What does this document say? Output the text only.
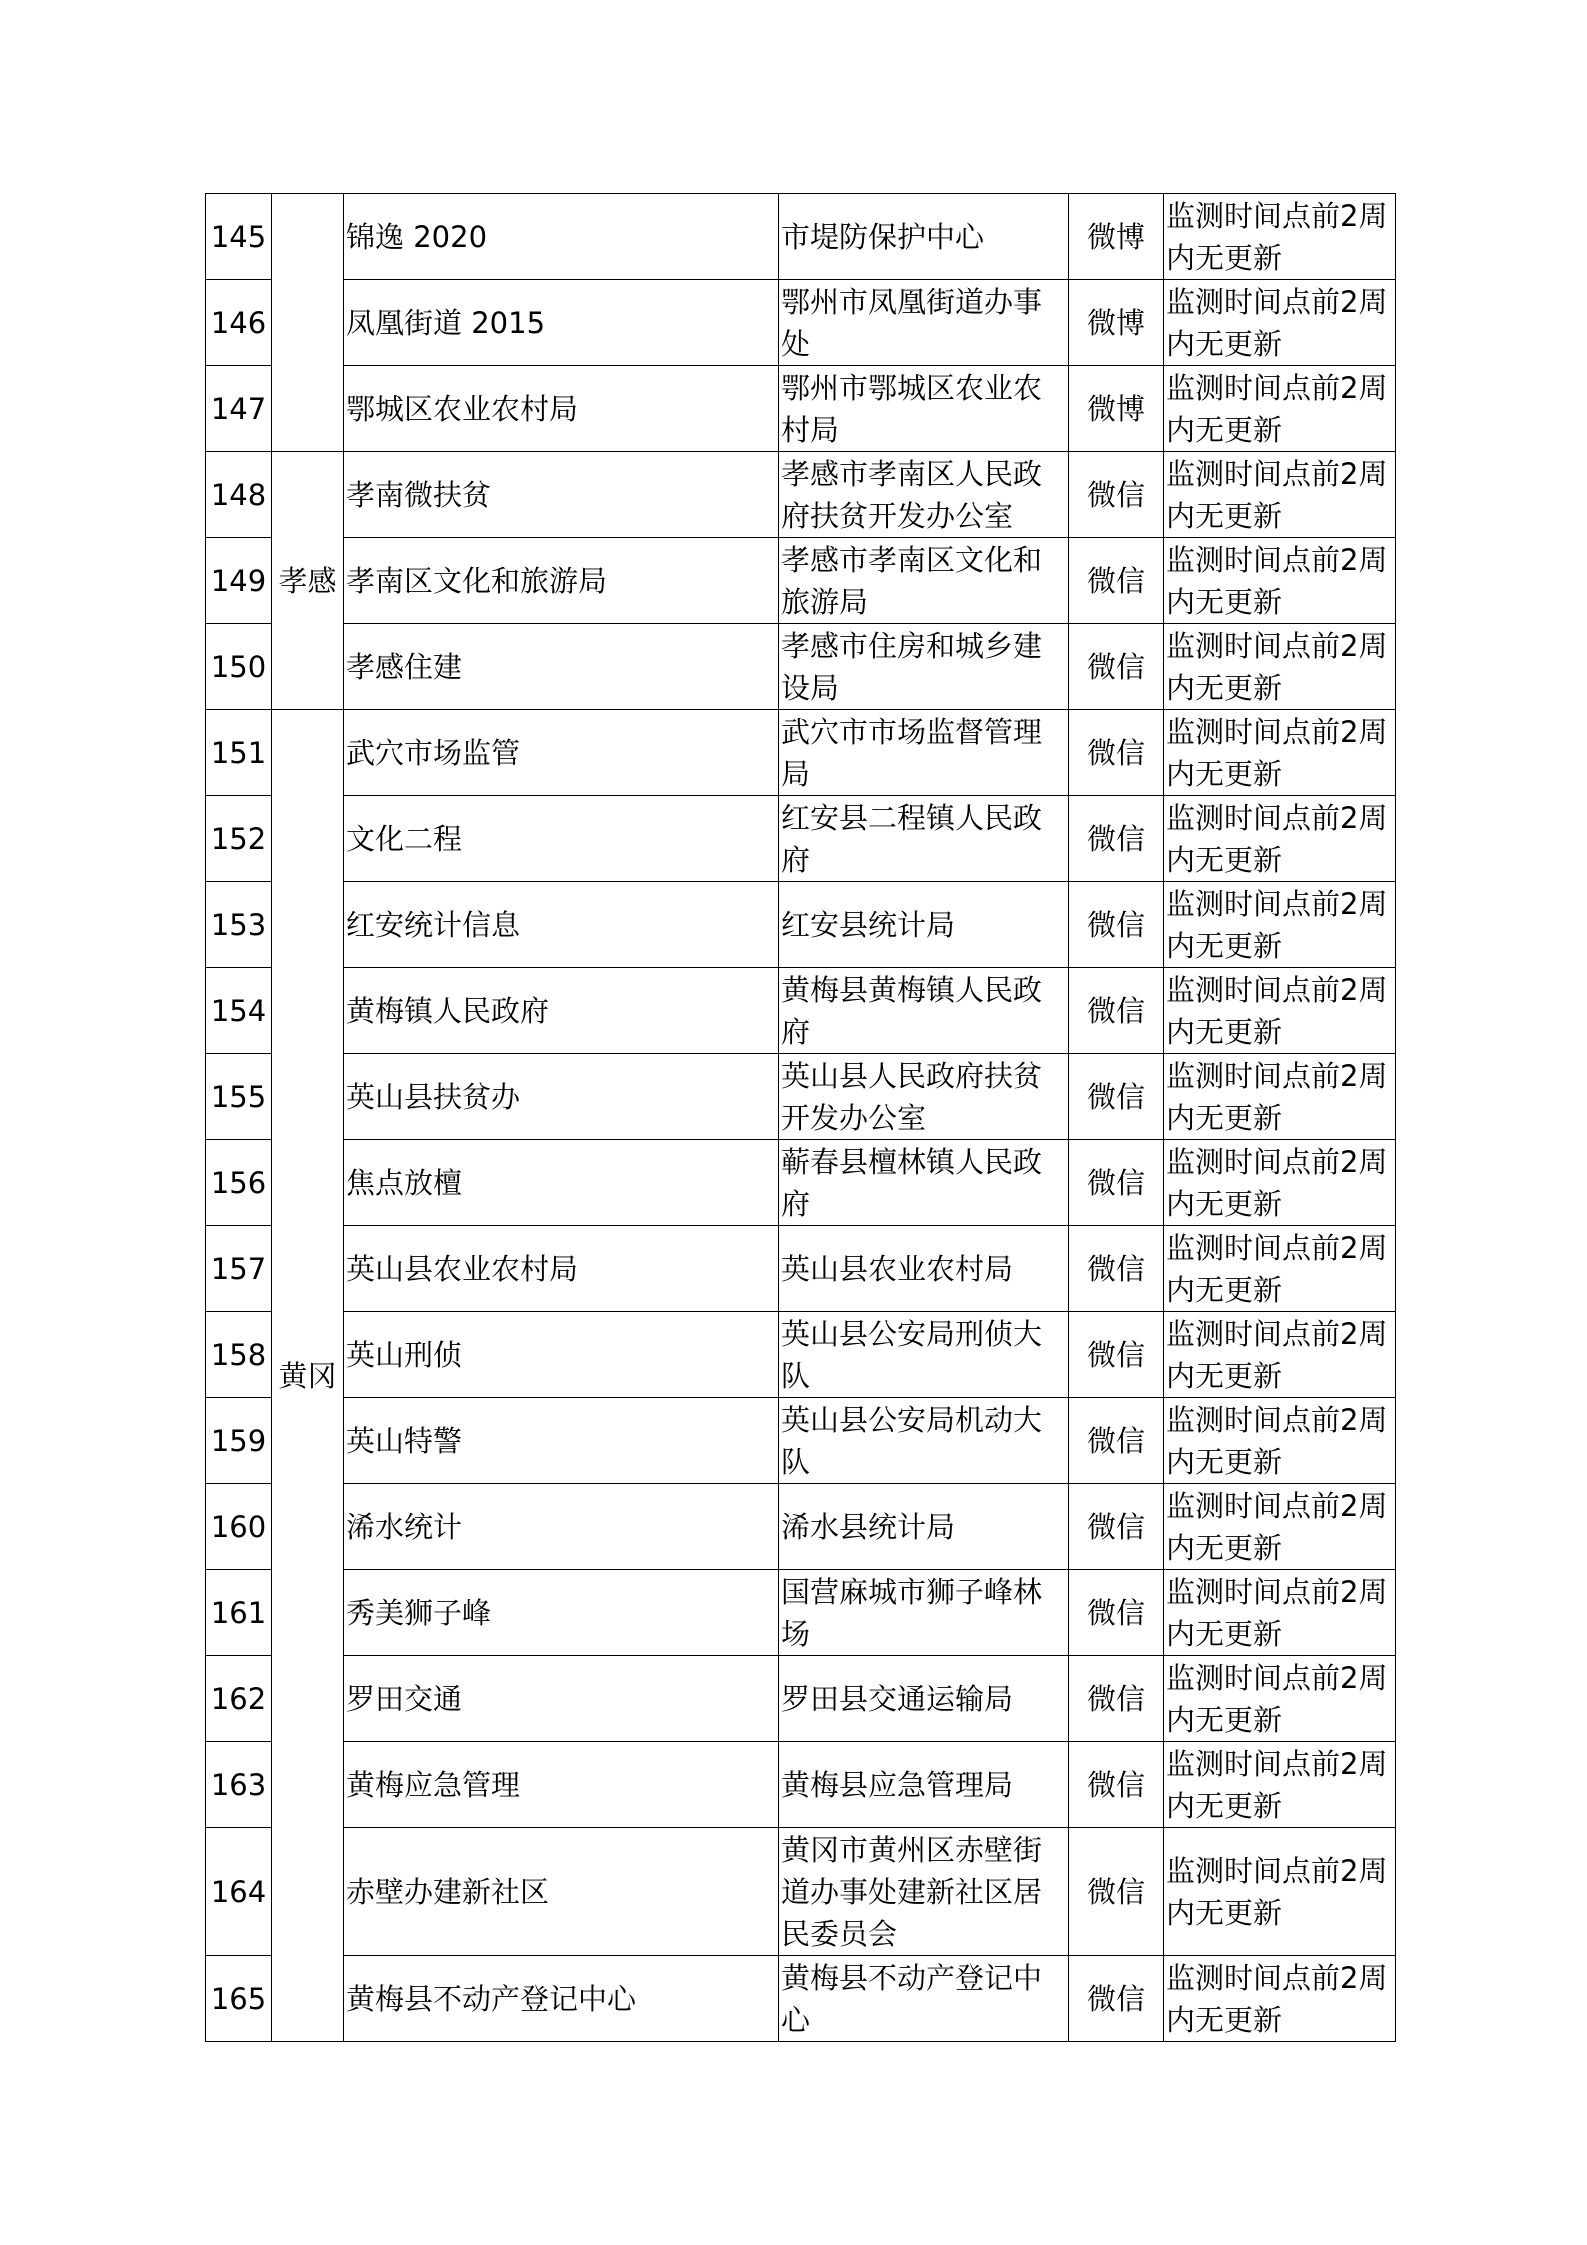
145		锦逸 2020	市堤防保护中心	微博	监测时间点前2周内无更新
146		凤凰街道 2015	鄂州市凤凰街道办事处	微博	监测时间点前2周内无更新
147		鄂城区农业农村局	鄂州市鄂城区农业农村局	微博	监测时间点前2周内无更新
148	孝感	孝南微扶贫	孝感市孝南区人民政府扶贫开发办公室	微信	监测时间点前2周内无更新
149		孝南区文化和旅游局	孝感市孝南区文化和旅游局	微信	监测时间点前2周内无更新
150		孝感住建	孝感市住房和城乡建设局	微信	监测时间点前2周内无更新
151	黄冈	武穴市场监管	武穴市市场监督管理局	微信	监测时间点前2周内无更新
152		文化二程	红安县二程镇人民政府	微信	监测时间点前2周内无更新
153		红安统计信息	红安县统计局	微信	监测时间点前2周内无更新
154		黄梅镇人民政府	黄梅县黄梅镇人民政府	微信	监测时间点前2周内无更新
155		英山县扶贫办	英山县人民政府扶贫开发办公室	微信	监测时间点前2周内无更新
156		焦点放檀	蕲春县檀林镇人民政府	微信	监测时间点前2周内无更新
157		英山县农业农村局	英山县农业农村局	微信	监测时间点前2周内无更新
158		英山刑侦	英山县公安局刑侦大队	微信	监测时间点前2周内无更新
159		英山特警	英山县公安局机动大队	微信	监测时间点前2周内无更新
160		浠水统计	浠水县统计局	微信	监测时间点前2周内无更新
161		秀美狮子峰	国营麻城市狮子峰林场	微信	监测时间点前2周内无更新
162		罗田交通	罗田县交通运输局	微信	监测时间点前2周内无更新
163		黄梅应急管理	黄梅县应急管理局	微信	监测时间点前2周内无更新
164		赤壁办建新社区	黄冈市黄州区赤壁街道办事处建新社区居民委员会	微信	监测时间点前2周内无更新
165		黄梅县不动产登记中心	黄梅县不动产登记中心	微信	监测时间点前2周内无更新
